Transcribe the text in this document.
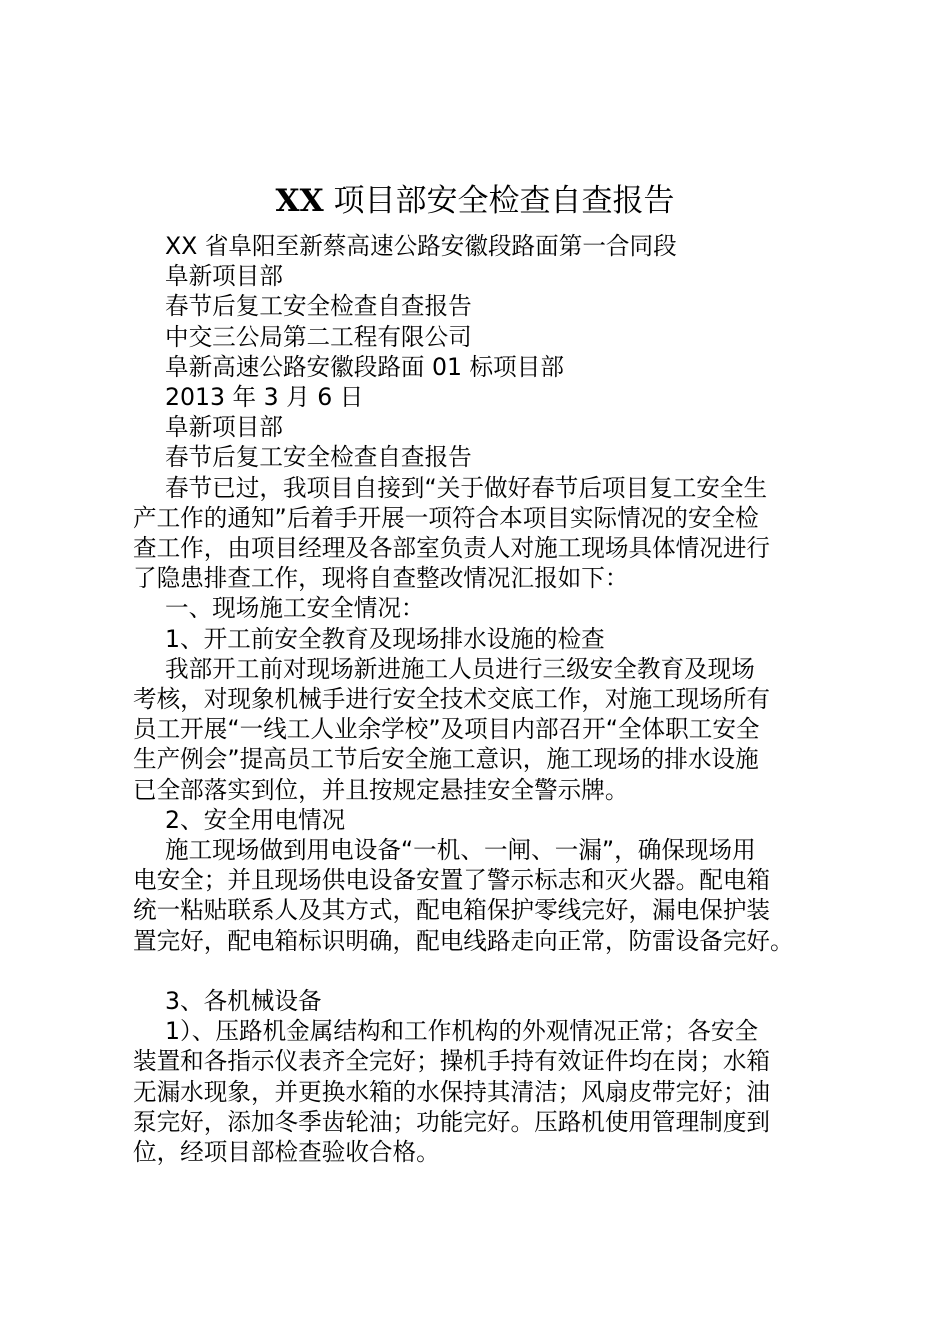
XX 项目部安全检查自查报告
XX 省阜阳至新蔡高速公路安徽段路面第一合同段
阜新项目部
春节后复工安全检查自查报告
中交三公局第二工程有限公司
阜新高速公路安徽段路面 01 标项目部
2013 年 3 月 6 日
阜新项目部
春节后复工安全检查自查报告
春节已过，我项目自接到“关于做好春节后项目复工安全生
产工作的通知”后着手开展一项符合本项目实际情况的安全检
查工作，由项目经理及各部室负责人对施工现场具体情况进行
了隐患排查工作，现将自查整改情况汇报如下：
一、现场施工安全情况：
1、开工前安全教育及现场排水设施的检查
我部开工前对现场新进施工人员进行三级安全教育及现场
考核，对现象机械手进行安全技术交底工作，对施工现场所有
员工开展“一线工人业余学校”及项目内部召开“全体职工安全
生产例会”提高员工节后安全施工意识，施工现场的排水设施
已全部落实到位，并且按规定悬挂安全警示牌。
2、安全用电情况
施工现场做到用电设备“一机、一闸、一漏”，确保现场用
电安全；并且现场供电设备安置了警示标志和灭火器。配电箱
统一粘贴联系人及其方式，配电箱保护零线完好，漏电保护装
置完好，配电箱标识明确，配电线路走向正常，防雷设备完好。
3、各机械设备
1）、压路机金属结构和工作机构的外观情况正常；各安全
装置和各指示仪表齐全完好；操机手持有效证件均在岗；水箱
无漏水现象，并更换水箱的水保持其清洁；风扇皮带完好；油
泵完好，添加冬季齿轮油；功能完好。压路机使用管理制度到
位，经项目部检查验收合格。
